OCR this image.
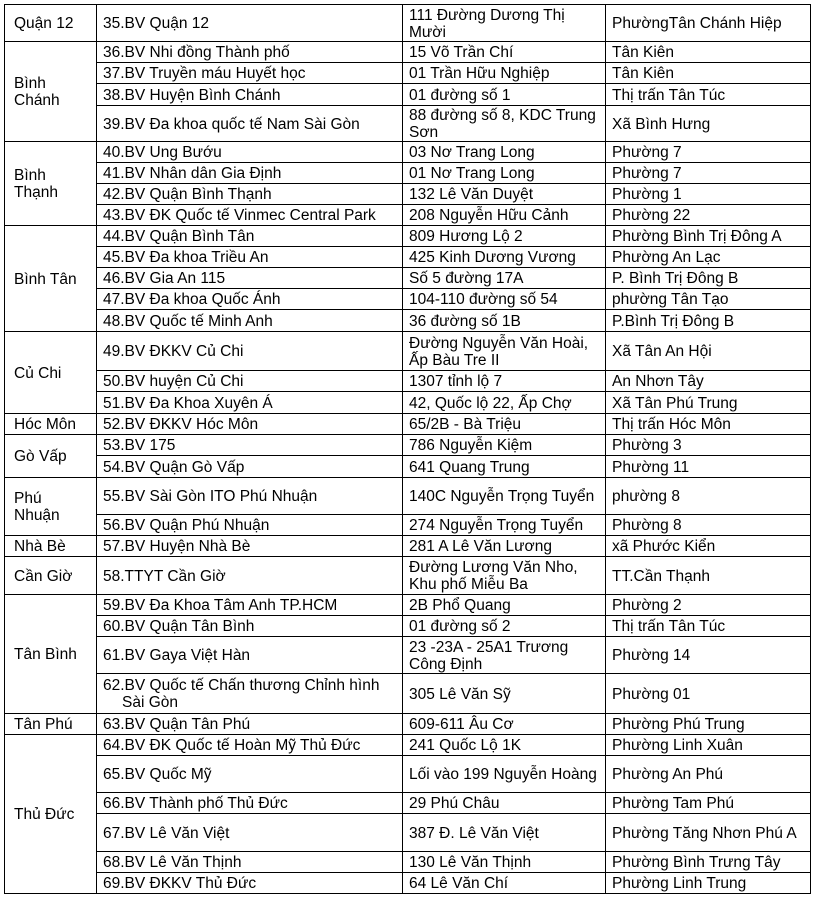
Quận 12	35.BV Quận 12	111 Đường Dương Thị Mười	PhườngTân Chánh Hiệp
Bình Chánh	36.BV Nhi đồng Thành phố	15 Võ Trần Chí	Tân Kiên

	37.BV Truyền máu Huyết học	01 Trần Hữu Nghiệp	Tân Kiên

	38.BV Huyện Bình Chánh	01 đường số 1	Thị trấn Tân Túc

	39.BV Đa khoa quốc tế Nam Sài Gòn	88 đường số 8, KDC Trung Sơn	Xã Bình Hưng
Bình Thạnh	40.BV Ung Bướu	03 Nơ Trang Long	Phường 7

	41.BV Nhân dân Gia Định	01 Nơ Trang Long	Phường 7

	42.BV Quận Bình Thạnh	132 Lê Văn Duyệt	Phường 1

	43.BV ĐK Quốc tế Vinmec Central Park	208 Nguyễn Hữu Cảnh	Phường 22
Bình Tân	44.BV Quận Bình Tân	809 Hương Lộ 2	Phường Bình Trị Đông A

	45.BV Đa khoa Triều An	425 Kinh Dương Vương	Phường An Lạc

	46.BV Gia An 115	Số 5 đường 17A	P. Bình Trị Đông B

	47.BV Đa khoa Quốc Ánh	104-110 đường số 54	phường Tân Tạo

	48.BV Quốc tế Minh Anh	36 đường số 1B	P.Bình Trị Đông B
Củ Chi	49.BV ĐKKV Củ Chi	Đường Nguyễn Văn Hoài, Ấp Bàu Tre II	Xã Tân An Hội

	50.BV huyện Củ Chi	1307 tỉnh lộ 7	An Nhơn Tây

	51.BV Đa Khoa Xuyên Á	42, Quốc lộ 22, Ấp Chợ	Xã Tân Phú Trung
Hóc Môn	52.BV ĐKKV Hóc Môn	65/2B - Bà Triệu	Thị trấn Hóc Môn
Gò Vấp	53.BV 175	786 Nguyễn Kiệm	Phường 3

	54.BV Quận Gò Vấp	641 Quang Trung	Phường 11
Phú Nhuận	55.BV Sài Gòn ITO Phú Nhuận	140C Nguyễn Trọng Tuyển	phường 8

	56.BV Quận Phú Nhuận	274 Nguyễn Trọng Tuyển	Phường 8
Nhà Bè	57.BV Huyện Nhà Bè	281 A Lê Văn Lương	xã Phước Kiển
Cần Giờ	58.TTYT Cần Giờ	Đường Lương Văn Nho, Khu phố Miễu Ba	TT.Cần Thạnh
Tân Bình	59.BV Đa Khoa Tâm Anh TP.HCM	2B Phổ Quang	Phường 2

	60.BV Quận Tân Bình	01 đường số 2	Thị trấn Tân Túc

	61.BV Gaya Việt Hàn	23 -23A - 25A1 Trương Công Định	Phường 14

	62.BV Quốc tế Chấn thương Chỉnh hình Sài Gòn	305 Lê Văn Sỹ	Phường 01
Tân Phú	63.BV Quận Tân Phú	609-611 Âu Cơ	Phường Phú Trung
Thủ Đức	64.BV ĐK Quốc tế Hoàn Mỹ Thủ Đức	241 Quốc Lộ 1K	Phường Linh Xuân

	65.BV Quốc Mỹ	Lối vào 199 Nguyễn Hoàng	Phường An Phú

	66.BV Thành phố Thủ Đức	29 Phú Châu	Phường Tam Phú

	67.BV Lê Văn Việt	387 Đ. Lê Văn Việt	Phường Tăng Nhơn Phú A

	68.BV Lê Văn Thịnh	130 Lê Văn Thịnh	Phường Bình Trưng Tây

	69.BV ĐKKV Thủ Đức	64 Lê Văn Chí	Phường Linh Trung
